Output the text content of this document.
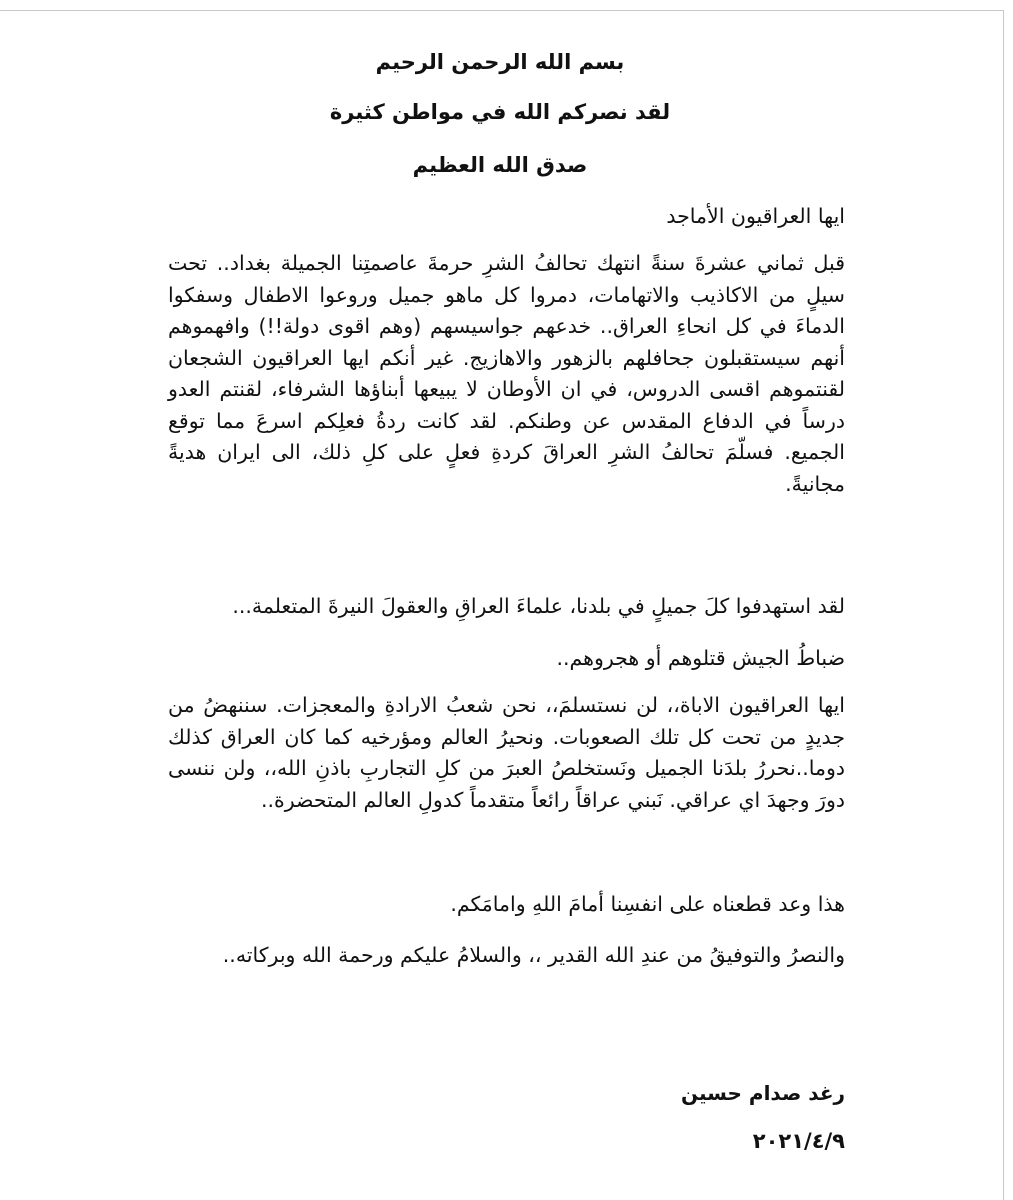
بسم الله الرحمن الرحيم
لقد نصركم الله في مواطن كثيرة
صدق الله العظيم
ايها العراقيون الأماجد
قبل ثماني عشرةَ سنةً انتهك تحالفُ الشرِ حرمةَ عاصمتِنا الجميلة بغداد.. تحت سيلٍ من الاكاذيب والاتهامات، دمروا كل ماهو جميل وروعوا الاطفال وسفكوا الدماءَ في كل انحاءِ العراق.. خدعهم جواسيسهم (وهم اقوى دولة!!) وافهموهم أنهم سيستقبلون جحافلهم بالزهور والاهازيج. غير أنكم ايها العراقيون الشجعان لقنتموهم اقسى الدروس، في ان الأوطان لا يبيعها أبناؤها الشرفاء، لقنتم العدو درساً في الدفاع المقدس عن وطنكم. لقد كانت ردةُ فعلِكم اسرعَ مما توقع الجميع. فسلّمَ تحالفُ الشرِ العراقَ كردةِ فعلٍ على كلِ ذلك، الى ايران هديةً مجانيةً.
لقد استهدفوا كلَ جميلٍ في بلدنا، علماءَ العراقِ والعقولَ النيرةَ المتعلمة...
ضباطُ الجيش قتلوهم أو هجروهم..
ايها العراقيون الاباة،، لن نستسلمَ،، نحن شعبُ الارادةِ والمعجزات. سننهضُ من جديدٍ من تحت كل تلك الصعوبات. ونحيرُ العالم ومؤرخيه كما كان العراق كذلك دوما..نحررُ بلدَنا الجميل ونَستخلصُ العبرَ من كلِ التجاربِ باذنِ الله،، ولن ننسى دورَ وجهدَ اي عراقي. نَبني عراقاً رائعاً متقدماً كدولِ العالم المتحضرة..
هذا وعد قطعناه على انفسِنا أمامَ اللهِ وامامَكم.
والنصرُ والتوفيقُ من عندِ الله القدير ،، والسلامُ عليكم ورحمة الله وبركاته..
رغد صدام حسين
٢٠٢١/٤/٩
